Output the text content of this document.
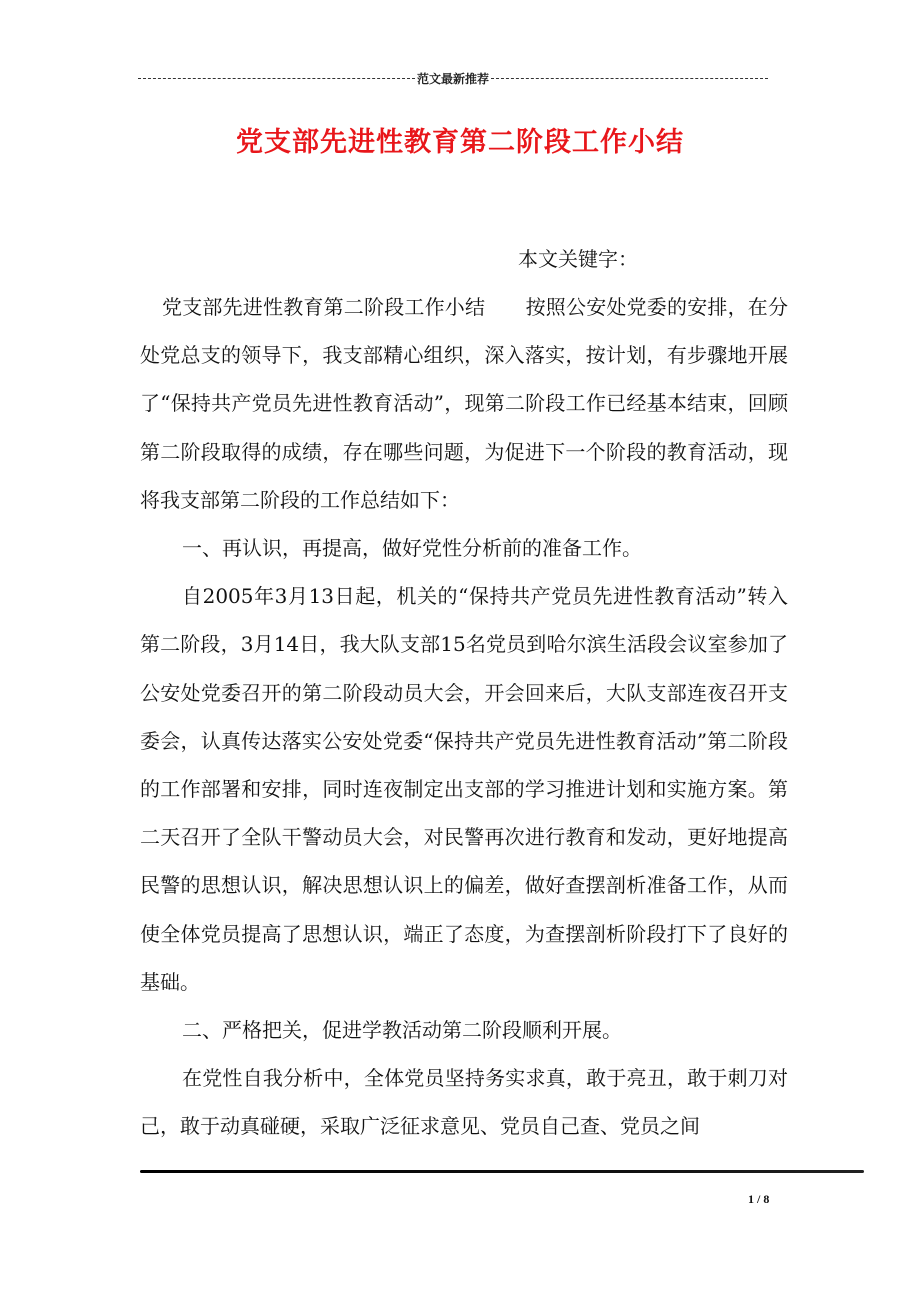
范文最新推荐
党支部先进性教育第二阶段工作小结
本文关键字：

党支部先进性教育第二阶段工作小结　　按照公安处党委的安排，在分处党总支的领导下，我支部精心组织，深入落实，按计划，有步骤地开展了“保持共产党员先进性教育活动”，现第二阶段工作已经基本结束，回顾第二阶段取得的成绩，存在哪些问题，为促进下一个阶段的教育活动，现将我支部第二阶段的工作总结如下：

一、再认识，再提高，做好党性分析前的准备工作。

自2005年3月13日起，机关的“保持共产党员先进性教育活动”转入第二阶段，3月14日，我大队支部15名党员到哈尔滨生活段会议室参加了公安处党委召开的第二阶段动员大会，开会回来后，大队支部连夜召开支委会，认真传达落实公安处党委“保持共产党员先进性教育活动”第二阶段的工作部署和安排，同时连夜制定出支部的学习推进计划和实施方案。第二天召开了全队干警动员大会，对民警再次进行教育和发动，更好地提高民警的思想认识，解决思想认识上的偏差，做好查摆剖析准备工作，从而使全体党员提高了思想认识，端正了态度，为查摆剖析阶段打下了良好的基础。

二、严格把关，促进学教活动第二阶段顺利开展。

在党性自我分析中，全体党员坚持务实求真，敢于亮丑，敢于刺刀对己，敢于动真碰硬，采取广泛征求意见、党员自己查、党员之间

1 / 8
